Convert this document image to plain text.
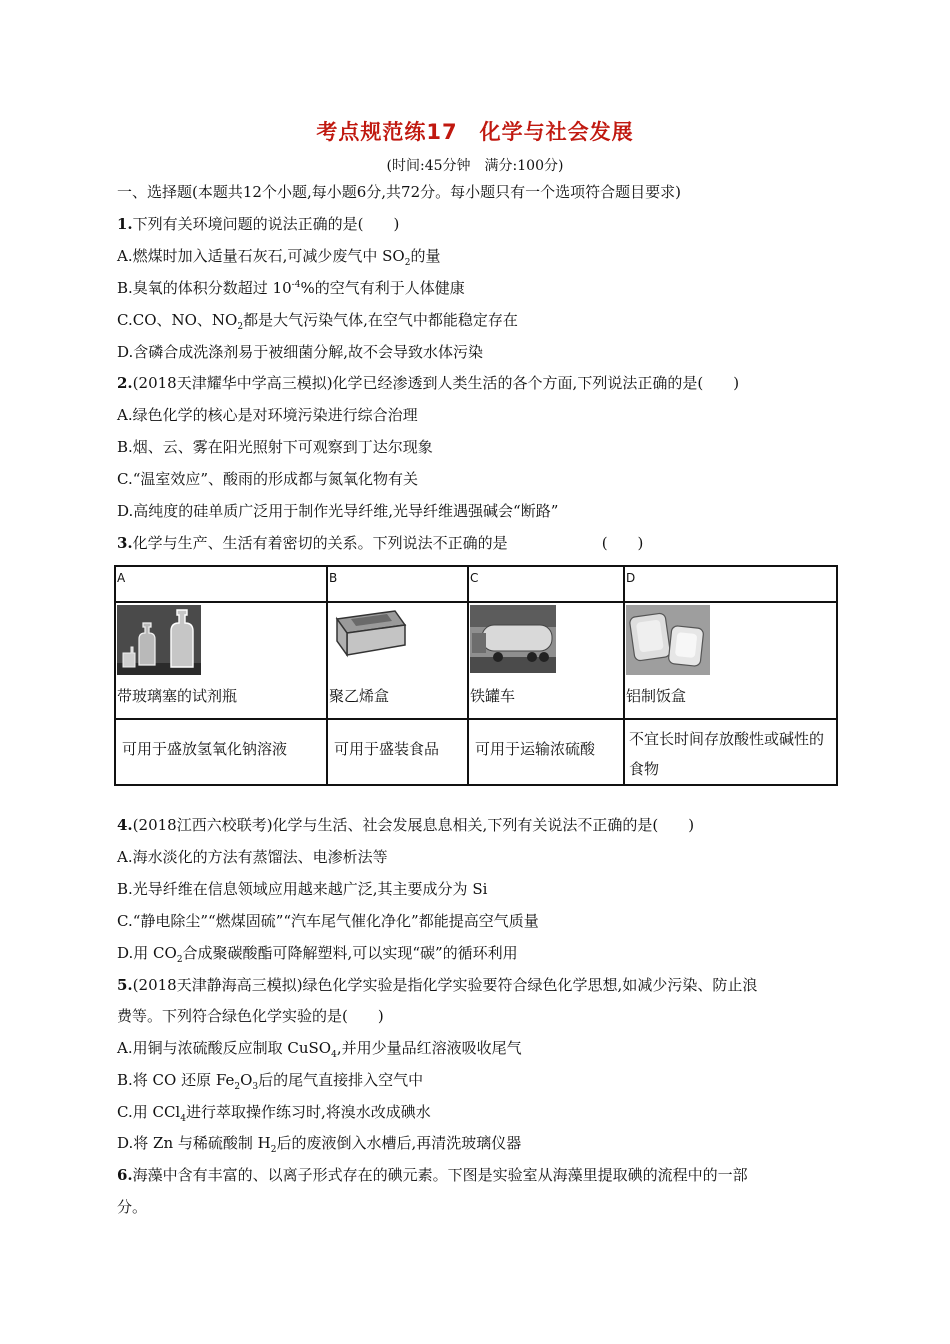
考点规范练17　化学与社会发展
(时间:45分钟　满分:100分)
一、选择题(本题共12个小题,每小题6分,共72分。每小题只有一个选项符合题目要求)
1.下列有关环境问题的说法正确的是( )
A.燃煤时加入适量石灰石,可减少废气中 $SO_2$的量
B.臭氧的体积分数超过 $10^{-4}\%$的空气有利于人体健康
C.CO、NO、$NO_2$都是大气污染气体,在空气中都能稳定存在
D.含磷合成洗涤剂易于被细菌分解,故不会导致水体污染
2.(2018天津耀华中学高三模拟)化学已经渗透到人类生活的各个方面,下列说法正确的是( )
A.绿色化学的核心是对环境污染进行综合治理
B.烟、云、雾在阳光照射下可观察到丁达尔现象
C.“温室效应”、酸雨的形成都与氮氧化物有关
D.高纯度的硅单质广泛用于制作光导纤维,光导纤维遇强碱会“断路”
3.化学与生产、生活有着密切的关系。下列说法不正确的是	( )
A	B	C	D

带玻璃塞的试剂瓶	聚乙烯盒	铁罐车	铝制饭盒

可用于盛放氢氧化钠溶液	可用于盛装食品	可用于运输浓硫酸	不宜长时间存放酸性或碱性的食物
4.(2018江西六校联考)化学与生活、社会发展息息相关,下列有关说法不正确的是( )
A.海水淡化的方法有蒸馏法、电渗析法等
B.光导纤维在信息领域应用越来越广泛,其主要成分为 Si
C.“静电除尘”“燃煤固硫”“汽车尾气催化净化”都能提高空气质量
D.用 $CO_2$合成聚碳酸酯可降解塑料,可以实现“碳”的循环利用
5.(2018天津静海高三模拟)绿色化学实验是指化学实验要符合绿色化学思想,如减少污染、防止浪
费等。下列符合绿色化学实验的是( )
A.用铜与浓硫酸反应制取 CuSO$_4$,并用少量品红溶液吸收尾气
B.将 CO 还原 $Fe_2O_3$后的尾气直接排入空气中
C.用 CCl$_4$进行萃取操作练习时,将溴水改成碘水
D.将 Zn 与稀硫酸制 $H_2$后的废液倒入水槽后,再清洗玻璃仪器
6.海藻中含有丰富的、以离子形式存在的碘元素。下图是实验室从海藻里提取碘的流程中的一部
分。
